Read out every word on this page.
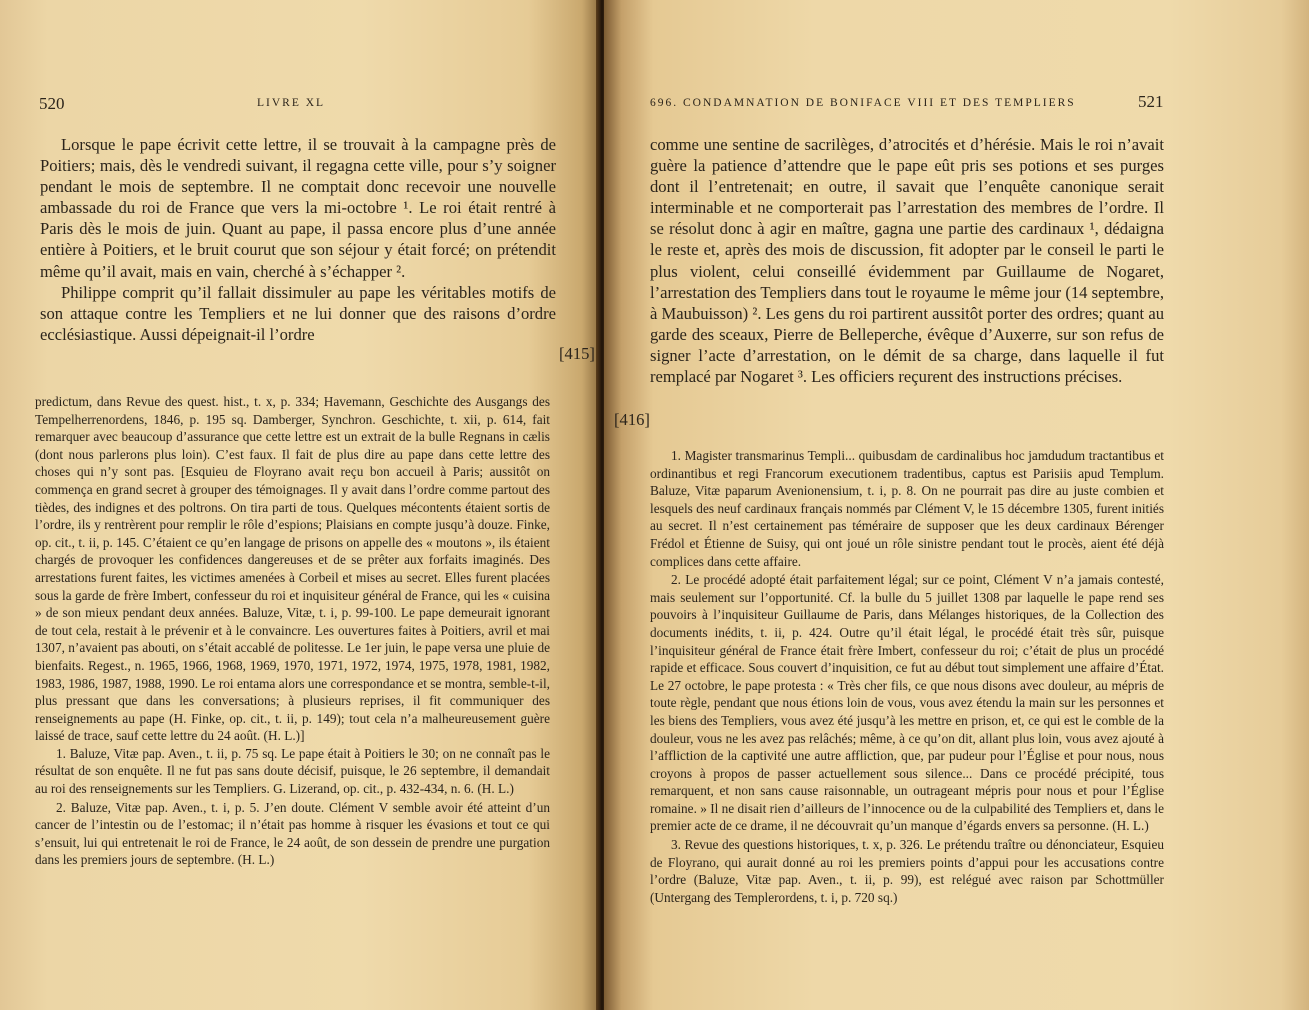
520	LIVRE XL

Lorsque le pape écrivit cette lettre, il se trouvait à la campagne près de Poitiers; mais, dès le vendredi suivant, il regagna cette ville, pour s’y soigner pendant le mois de septembre. Il ne comptait donc recevoir une nouvelle ambassade du roi de France que vers la mi-octobre ¹. Le roi était rentré à Paris dès le mois de juin. Quant au pape, il passa encore plus d’une année entière à Poitiers, et le bruit courut que son séjour y était forcé; on prétendit même qu’il avait, mais en vain, cherché à s’échapper ².

Philippe comprit qu’il fallait dissimuler au pape les véritables motifs de son attaque contre les Templiers et ne lui donner que des raisons d’ordre ecclésiastique. Aussi dépeignait-il l’ordre

[415]

predictum, dans Revue des quest. hist., t. x, p. 334; Havemann, Geschichte des Ausgangs des Tempelherrenordens, 1846, p. 195 sq. Damberger, Synchron. Geschichte, t. xii, p. 614, fait remarquer avec beaucoup d’assurance que cette lettre est un extrait de la bulle Regnans in cælis (dont nous parlerons plus loin). C’est faux. Il fait de plus dire au pape dans cette lettre des choses qui n’y sont pas. [Esquieu de Floyrano avait reçu bon accueil à Paris; aussitôt on commença en grand secret à grouper des témoignages. Il y avait dans l’ordre comme partout des tièdes, des indignes et des poltrons. On tira parti de tous. Quelques mécontents étaient sortis de l’ordre, ils y rentrèrent pour remplir le rôle d’espions; Plaisians en compte jusqu’à douze. Finke, op. cit., t. ii, p. 145. C’étaient ce qu’en langage de prisons on appelle des « moutons », ils étaient chargés de provoquer les confidences dangereuses et de se prêter aux forfaits imaginés. Des arrestations furent faites, les victimes amenées à Corbeil et mises au secret. Elles furent placées sous la garde de frère Imbert, confesseur du roi et inquisiteur général de France, qui les « cuisina » de son mieux pendant deux années. Baluze, Vitæ, t. i, p. 99-100. Le pape demeurait ignorant de tout cela, restait à le prévenir et à le convaincre. Les ouvertures faites à Poitiers, avril et mai 1307, n’avaient pas abouti, on s’était accablé de politesse. Le 1er juin, le pape versa une pluie de bienfaits. Regest., n. 1965, 1966, 1968, 1969, 1970, 1971, 1972, 1974, 1975, 1978, 1981, 1982, 1983, 1986, 1987, 1988, 1990. Le roi entama alors une correspondance et se montra, semble-t-il, plus pressant que dans les conversations; à plusieurs reprises, il fit communiquer des renseignements au pape (H. Finke, op. cit., t. ii, p. 149); tout cela n’a malheureusement guère laissé de trace, sauf cette lettre du 24 août. (H. L.)]

1. Baluze, Vitæ pap. Aven., t. ii, p. 75 sq. Le pape était à Poitiers le 30; on ne connaît pas le résultat de son enquête. Il ne fut pas sans doute décisif, puisque, le 26 septembre, il demandait au roi des renseignements sur les Templiers. G. Lizerand, op. cit., p. 432-434, n. 6. (H. L.)

2. Baluze, Vitæ pap. Aven., t. i, p. 5. J’en doute. Clément V semble avoir été atteint d’un cancer de l’intestin ou de l’estomac; il n’était pas homme à risquer les évasions et tout ce qui s’ensuit, lui qui entretenait le roi de France, le 24 août, de son dessein de prendre une purgation dans les premiers jours de septembre. (H. L.)

696. CONDAMNATION DE BONIFACE VIII ET DES TEMPLIERS	521

comme une sentine de sacrilèges, d’atrocités et d’hérésie. Mais le roi n’avait guère la patience d’attendre que le pape eût pris ses potions et ses purges dont il l’entretenait; en outre, il savait que l’enquête canonique serait interminable et ne comporterait pas l’arrestation des membres de l’ordre. Il se résolut donc à agir en maître, gagna une partie des cardinaux ¹, dédaigna le reste et, après des mois de discussion, fit adopter par le conseil le parti le plus violent, celui conseillé évidemment par Guillaume de Nogaret, l’arrestation des Templiers dans tout le royaume le même jour (14 septembre, à Maubuisson) ². Les gens du roi partirent aussitôt porter des ordres; quant au garde des sceaux, Pierre de Belleperche, évêque d’Auxerre, sur son refus de signer l’acte d’arrestation, on le démit de sa charge, dans laquelle il fut remplacé par Nogaret ³. Les officiers reçurent des instructions précises.

[416]

1. Magister transmarinus Templi... quibusdam de cardinalibus hoc jamdudum tractantibus et ordinantibus et regi Francorum executionem tradentibus, captus est Parisiis apud Templum. Baluze, Vitæ paparum Avenionensium, t. i, p. 8. On ne pourrait pas dire au juste combien et lesquels des neuf cardinaux français nommés par Clément V, le 15 décembre 1305, furent initiés au secret. Il n’est certainement pas téméraire de supposer que les deux cardinaux Bérenger Frédol et Étienne de Suisy, qui ont joué un rôle sinistre pendant tout le procès, aient été déjà complices dans cette affaire.

2. Le procédé adopté était parfaitement légal; sur ce point, Clément V n’a jamais contesté, mais seulement sur l’opportunité. Cf. la bulle du 5 juillet 1308 par laquelle le pape rend ses pouvoirs à l’inquisiteur Guillaume de Paris, dans Mélanges historiques, de la Collection des documents inédits, t. ii, p. 424. Outre qu’il était légal, le procédé était très sûr, puisque l’inquisiteur général de France était frère Imbert, confesseur du roi; c’était de plus un procédé rapide et efficace. Sous couvert d’inquisition, ce fut au début tout simplement une affaire d’État. Le 27 octobre, le pape protesta : « Très cher fils, ce que nous disons avec douleur, au mépris de toute règle, pendant que nous étions loin de vous, vous avez étendu la main sur les personnes et les biens des Templiers, vous avez été jusqu’à les mettre en prison, et, ce qui est le comble de la douleur, vous ne les avez pas relâchés; même, à ce qu’on dit, allant plus loin, vous avez ajouté à l’affliction de la captivité une autre affliction, que, par pudeur pour l’Église et pour nous, nous croyons à propos de passer actuellement sous silence... Dans ce procédé précipité, tous remarquent, et non sans cause raisonnable, un outrageant mépris pour nous et pour l’Église romaine. » Il ne disait rien d’ailleurs de l’innocence ou de la culpabilité des Templiers et, dans le premier acte de ce drame, il ne découvrait qu’un manque d’égards envers sa personne. (H. L.)

3. Revue des questions historiques, t. x, p. 326. Le prétendu traître ou dénonciateur, Esquieu de Floyrano, qui aurait donné au roi les premiers points d’appui pour les accusations contre l’ordre (Baluze, Vitæ pap. Aven., t. ii, p. 99), est relégué avec raison par Schottmüller (Untergang des Templerordens, t. i, p. 720 sq.)
